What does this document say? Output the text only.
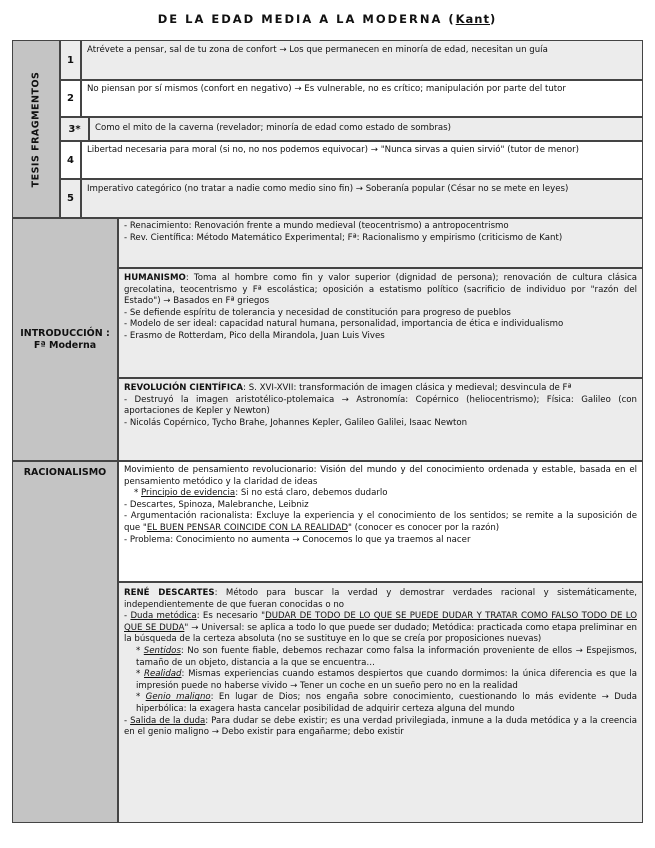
DE LA EDAD MEDIA A LA MODERNA (Kant)
TESIS FRAGMENTOS
1
Atrévete a pensar, sal de tu zona de confort → Los que permanecen en minoría de edad, necesitan un guía
2
No piensan por sí mismos (confort en negativo) → Es vulnerable, no es crítico; manipulación por parte del tutor
3*	Como el mito de la caverna (revelador; minoría de edad como estado de sombras)
4
Libertad necesaria para moral (si no, no nos podemos equivocar) → "Nunca sirvas a quien sirvió" (tutor de menor)
5
Imperativo categórico (no tratar a nadie como medio sino fin) → Soberanía popular (César no se mete en leyes)
INTRODUCCIÓN : Fª Moderna
- Renacimiento: Renovación frente a mundo medieval (teocentrismo) a antropocentrismo
- Rev. Científica: Método Matemático Experimental; Fª: Racionalismo y empirismo (criticismo de Kant)
HUMANISMO: Toma al hombre como fin y valor superior (dignidad de persona); renovación de cultura clásica grecolatina, teocentrismo y Fª escolástica; oposición a estatismo político (sacrificio de individuo por "razón del Estado") → Basados en Fª griegos
- Se defiende espíritu de tolerancia y necesidad de constitución para progreso de pueblos
- Modelo de ser ideal: capacidad natural humana, personalidad, importancia de ética e individualismo
- Erasmo de Rotterdam, Pico della Mirandola, Juan Luis Vives
REVOLUCIÓN CIENTÍFICA: S. XVI-XVII: transformación de imagen clásica y medieval; desvincula de Fª
- Destruyó la imagen aristotélico-ptolemaica → Astronomía: Copérnico (heliocentrismo); Física: Galileo (con aportaciones de Kepler y Newton)
- Nicolás Copérnico, Tycho Brahe, Johannes Kepler, Galileo Galilei, Isaac Newton
RACIONALISMO	Movimiento de pensamiento revolucionario: Visión del mundo y del conocimiento ordenada y estable, basada en el pensamiento metódico y la claridad de ideas
* Principio de evidencia: Si no está claro, debemos dudarlo
- Descartes, Spinoza, Malebranche, Leibniz
- Argumentación racionalista: Excluye la experiencia y el conocimiento de los sentidos; se remite a la suposición de que "EL BUEN PENSAR COINCIDE CON LA REALIDAD" (conocer es conocer por la razón)
- Problema: Conocimiento no aumenta → Conocemos lo que ya traemos al nacer
RENÉ DESCARTES: Método para buscar la verdad y demostrar verdades racional y sistemáticamente, independientemente de que fueran conocidas o no
- Duda metódica: Es necesario "DUDAR DE TODO DE LO QUE SE PUEDE DUDAR Y TRATAR COMO FALSO TODO DE LO QUE SE DUDA" → Universal: se aplica a todo lo que puede ser dudado; Metódica: practicada como etapa preliminar en la búsqueda de la certeza absoluta (no se sustituye en lo que se creía por proposiciones nuevas)
* Sentidos: No son fuente fiable, debemos rechazar como falsa la información proveniente de ellos → Espejismos, tamaño de un objeto, distancia a la que se encuentra…
* Realidad: Mismas experiencias cuando estamos despiertos que cuando dormimos: la única diferencia es que la impresión puede no haberse vivido → Tener un coche en un sueño pero no en la realidad
* Genio maligno: En lugar de Dios; nos engaña sobre conocimiento, cuestionando lo más evidente → Duda hiperbólica: la exagera hasta cancelar posibilidad de adquirir certeza alguna del mundo
- Salida de la duda: Para dudar se debe existir; es una verdad privilegiada, inmune a la duda metódica y a la creencia en el genio maligno → Debo existir para engañarme; debo existir
